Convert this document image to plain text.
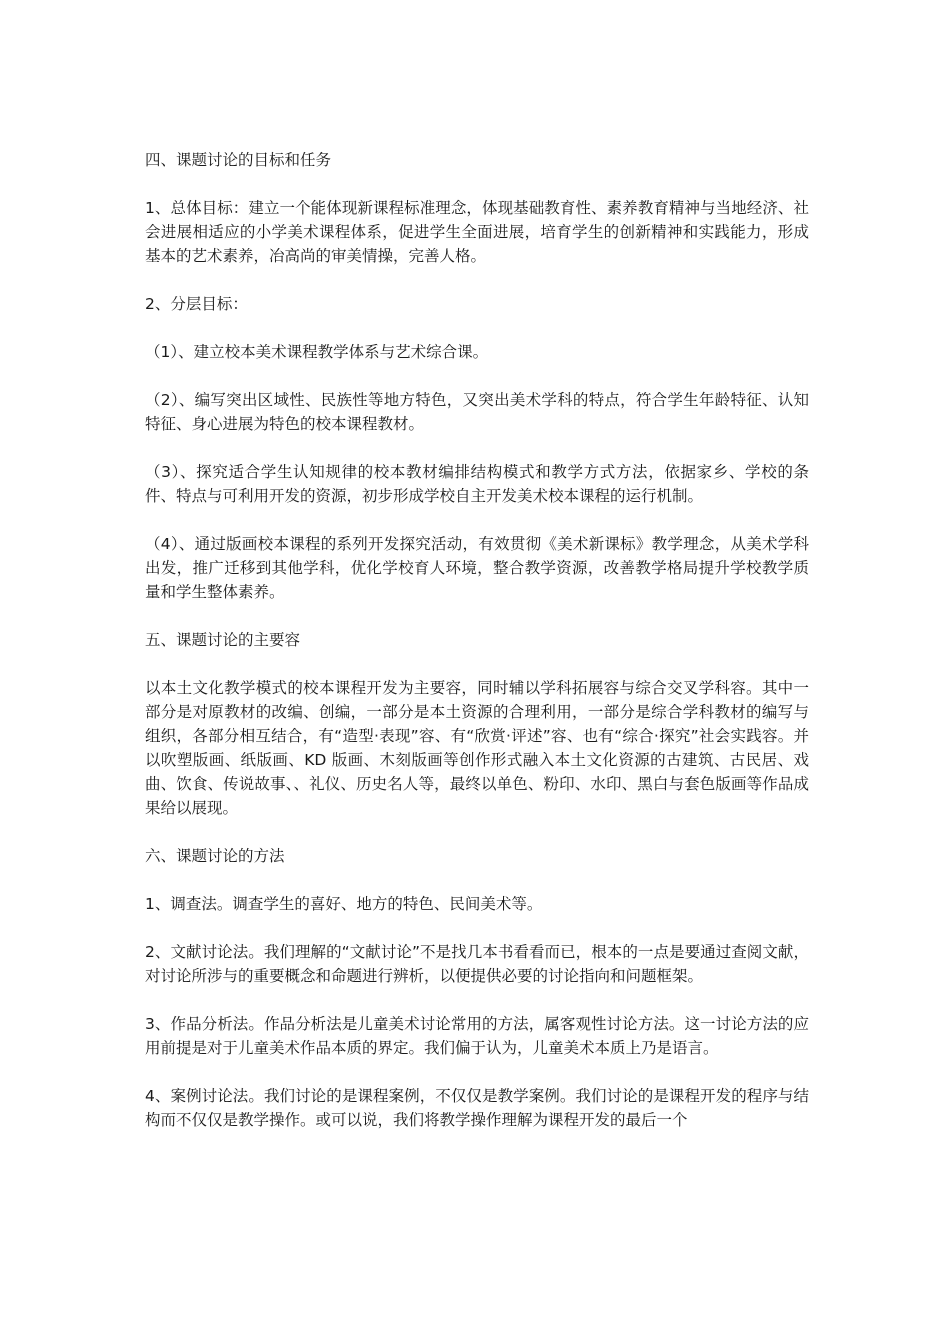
四、课题讨论的目标和任务

1、总体目标：建立一个能体现新课程标准理念，体现基础教育性、素养教育精神与当地经济、社会进展相适应的小学美术课程体系，促进学生全面进展，培育学生的创新精神和实践能力，形成基本的艺术素养，冶高尚的审美情操，完善人格。

2、分层目标：

（1）、建立校本美术课程教学体系与艺术综合课。

（2）、编写突出区域性、民族性等地方特色，又突出美术学科的特点，符合学生年龄特征、认知特征、身心进展为特色的校本课程教材。

（3）、探究适合学生认知规律的校本教材编排结构模式和教学方式方法，依据家乡、学校的条件、特点与可利用开发的资源，初步形成学校自主开发美术校本课程的运行机制。

（4）、通过版画校本课程的系列开发探究活动，有效贯彻《美术新课标》教学理念，从美术学科出发，推广迁移到其他学科，优化学校育人环境，整合教学资源，改善教学格局提升学校教学质量和学生整体素养。

五、课题讨论的主要容

以本土文化教学模式的校本课程开发为主要容，同时辅以学科拓展容与综合交叉学科容。其中一部分是对原教材的改编、创编，一部分是本土资源的合理利用，一部分是综合学科教材的编写与组织，各部分相互结合，有“造型·表现”容、有“欣赏·评述”容、也有“综合·探究”社会实践容。并以吹塑版画、纸版画、KD 版画、木刻版画等创作形式融入本土文化资源的古建筑、古民居、戏曲、饮食、传说故事、、礼仪、历史名人等，最终以单色、粉印、水印、黑白与套色版画等作品成果给以展现。

六、课题讨论的方法

1、调查法。调查学生的喜好、地方的特色、民间美术等。

2、文献讨论法。我们理解的“文献讨论”不是找几本书看看而已，根本的一点是要通过查阅文献，对讨论所涉与的重要概念和命题进行辨析，以便提供必要的讨论指向和问题框架。

3、作品分析法。作品分析法是儿童美术讨论常用的方法，属客观性讨论方法。这一讨论方法的应用前提是对于儿童美术作品本质的界定。我们偏于认为，儿童美术本质上乃是语言。

4、案例讨论法。我们讨论的是课程案例，不仅仅是教学案例。我们讨论的是课程开发的程序与结构而不仅仅是教学操作。或可以说，我们将教学操作理解为课程开发的最后一个
